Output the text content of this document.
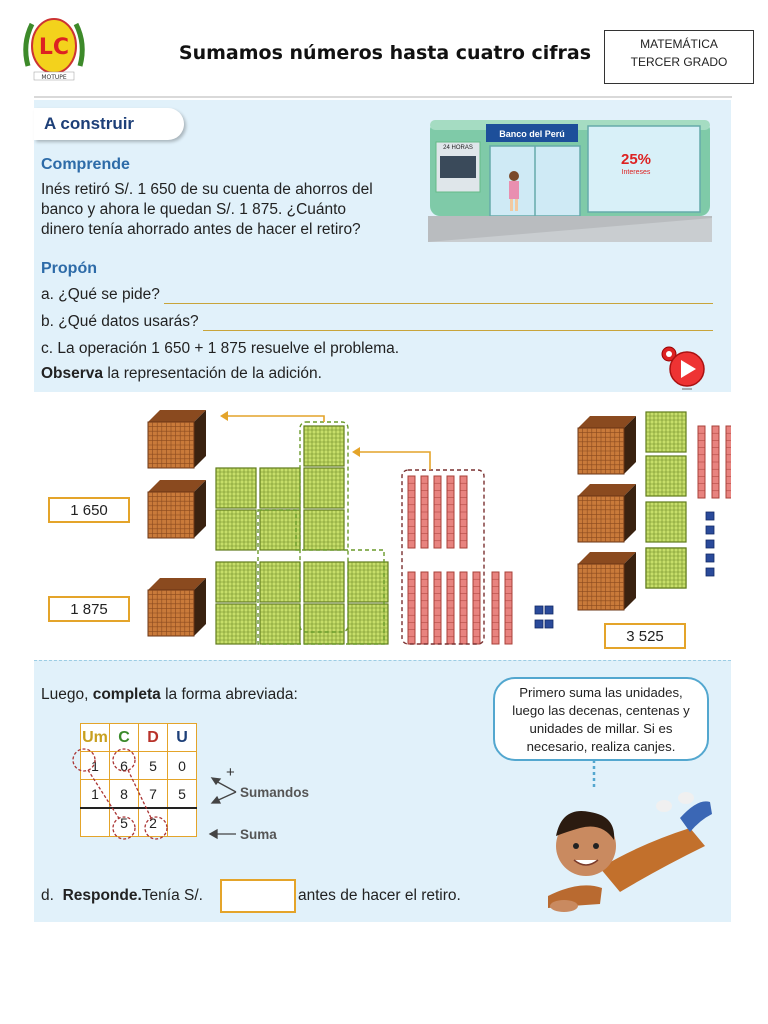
LC
MOTUPE
Sumamos números hasta cuatro cifras	MATEMÁTICA
TERCER GRADO
A construir
Comprende
Inés retiró S/. 1 650 de su cuenta de ahorros del
banco y ahora le quedan S/. 1 875. ¿Cuánto
dinero tenía ahorrado antes de hacer el retiro?
24 HORAS
Banco del Perú
25%
Intereses
Propón
a. ¿Qué se pide?
b. ¿Qué datos usarás?
c. La operación 1 650 + 1 875 resuelve el problema.
Observa la representación de la adición.
1 650
1 875
3 525
Luego, completa la forma abreviada:
Um	C	D	U
1	6	5	0
1	8	7	5
	5	2	
+
Sumandos
Suma
Primero suma las unidades, luego las decenas, centenas y unidades de millar. Si es necesario, realiza canjes.
d. Responde.Tenía S/.	antes de hacer el retiro.
